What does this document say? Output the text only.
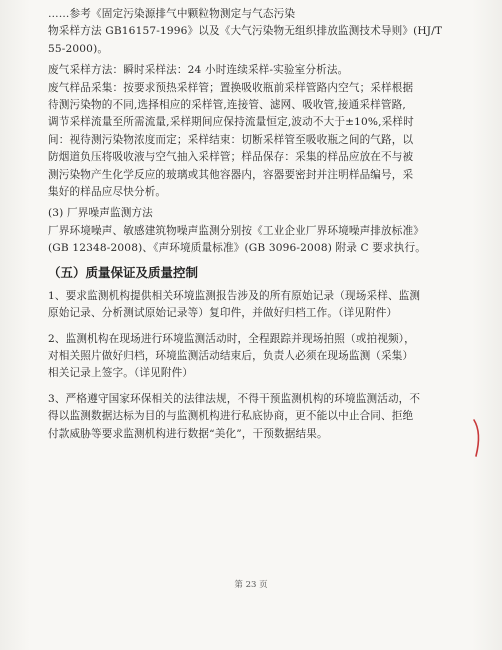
……参考《固定污染源排气中颗粒物测定与气态污染
物采样方法 GB16157-1996》以及《大气污染物无组织排放监测技术导则》(HJ/T
55-2000)。
废气采样方法：瞬时采样法：24 小时连续采样-实验室分析法。
废气样品采集：按要求预热采样管；置换吸收瓶前采样管路内空气；采样根据
待测污染物的不同,选择相应的采样管,连接管、滤网、吸收管,接通采样管路,
调节采样流量至所需流量,采样期间应保持流量恒定,波动不大于±10%,采样时
间：视待测污染物浓度而定；采样结束：切断采样管至吸收瓶之间的气路，以
防烟道负压将吸收液与空气抽入采样管；样品保存：采集的样品应放在不与被
测污染物产生化学反应的玻璃或其他容器内，容器要密封并注明样品编号，采
集好的样品应尽快分析。
(3) 厂界噪声监测方法
厂界环境噪声、敏感建筑物噪声监测分别按《工业企业厂界环境噪声排放标准》
(GB 12348-2008)、《声环境质量标准》(GB 3096-2008) 附录 C 要求执行。
（五）质量保证及质量控制
1、要求监测机构提供相关环境监测报告涉及的所有原始记录（现场采样、监测
原始记录、分析测试原始记录等）复印件，并做好归档工作。（详见附件）
2、监测机构在现场进行环境监测活动时，全程跟踪并现场拍照（或拍视频），
对相关照片做好归档，环境监测活动结束后，负责人必须在现场监测（采集）
相关记录上签字。（详见附件）
3、严格遵守国家环保相关的法律法规，不得干预监测机构的环境监测活动，不
得以监测数据达标为目的与监测机构进行私底协商，更不能以中止合同、拒绝
付款威胁等要求监测机构进行数据“美化”，干预数据结果。
第 23 页
